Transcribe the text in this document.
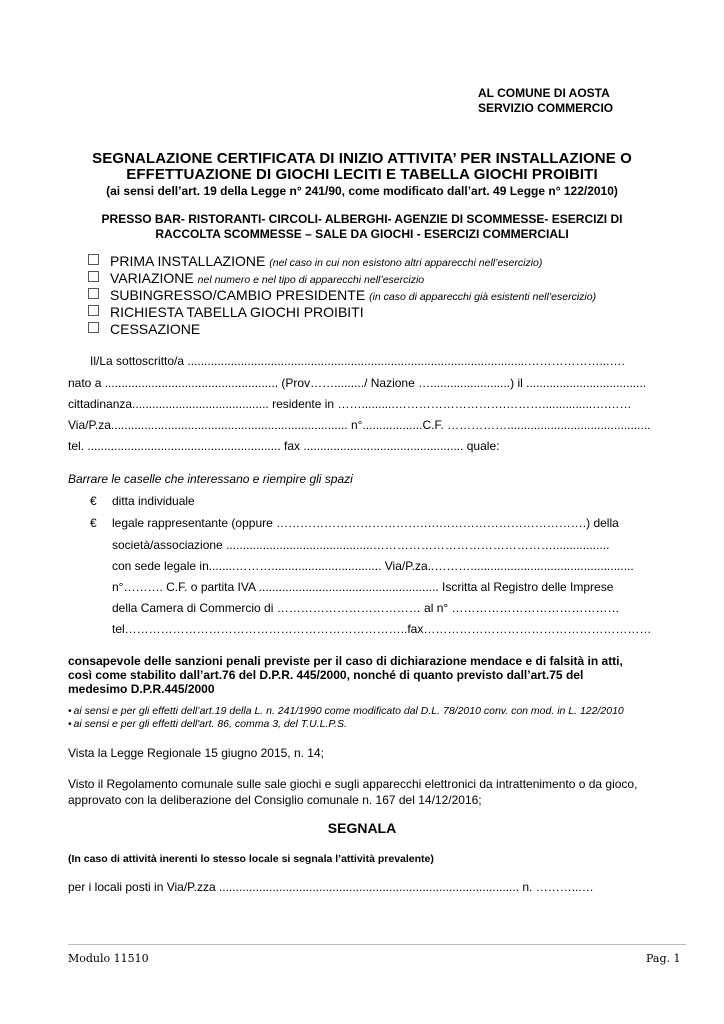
AL COMUNE DI AOSTA
SERVIZIO COMMERCIO
SEGNALAZIONE CERTIFICATA DI INIZIO ATTIVITA’ PER INSTALLAZIONE O
EFFETTUAZIONE DI GIOCHI LECITI E TABELLA GIOCHI PROIBITI
(ai sensi dell’art. 19 della Legge n° 241/90, come modificato dall’art. 49 Legge n° 122/2010)
PRESSO BAR- RISTORANTI- CIRCOLI- ALBERGHI- AGENZIE DI SCOMMESSE- ESERCIZI DI
RACCOLTA SCOMMESSE – SALE DA GIOCHI - ESERCIZI COMMERCIALI
PRIMA INSTALLAZIONE (nel caso in cui non esistono altri apparecchi nell’esercizio)
VARIAZIONE nel numero e nel tipo di apparecchi nell’esercizio
SUBINGRESSO/CAMBIO PRESIDENTE (in caso di apparecchi già esistenti nell’esercizio)
RICHIESTA TABELLA GIOCHI PROIBITI
CESSAZIONE
Il/La sottoscritto/a ......................................................................................................………………...….
nato a .................................................... (Prov……........./ Nazione …........................) il ....................................
cittadinanza......................................... residente in ……..........……………………….………...............….……
Via/P.za....................................................................... n°..................C.F. ……………...........................................
tel. .......................................................... fax ................................................ quale:
Barrare le caselle che interessano e riempire gli spazi
€ ditta individuale
€ legale rappresentante (oppure ……………………………….….……………………………….) della
società/associazione ............................................……………………………………….................
con sede legale in........………................................. Via/P.za..……….................................................
n°………. C.F. o partita IVA ...................................................... Iscritta al Registro delle Imprese
della Camera di Commercio di ……………………………… al n° ……………………………………
tel……………………………………………………………..fax…………………………………………………
consapevole delle sanzioni penali previste per il caso di dichiarazione mendace e di falsità in atti,
così come stabilito dall’art.76 del D.P.R. 445/2000, nonché di quanto previsto dall’art.75 del
medesimo D.P.R.445/2000
• ai sensi e per gli effetti dell’art.19 della L. n. 241/1990 come modificato dal D.L. 78/2010 conv. con mod. in L. 122/2010
• ai sensi e per gli effetti dell'art. 86, comma 3, del T.U.L.P.S.
Vista la Legge Regionale 15 giugno 2015, n. 14;
Visto il Regolamento comunale sulle sale giochi e sugli apparecchi elettronici da intrattenimento o da gioco,
approvato con la deliberazione del Consiglio comunale n. 167 del 14/12/2016;
SEGNALA
(In caso di attività inerenti lo stesso locale si segnala l’attività prevalente)
per i locali posti in Via/P.zza .......................................................................................... n. ………...…
Modulo 11510	Pag. 1
